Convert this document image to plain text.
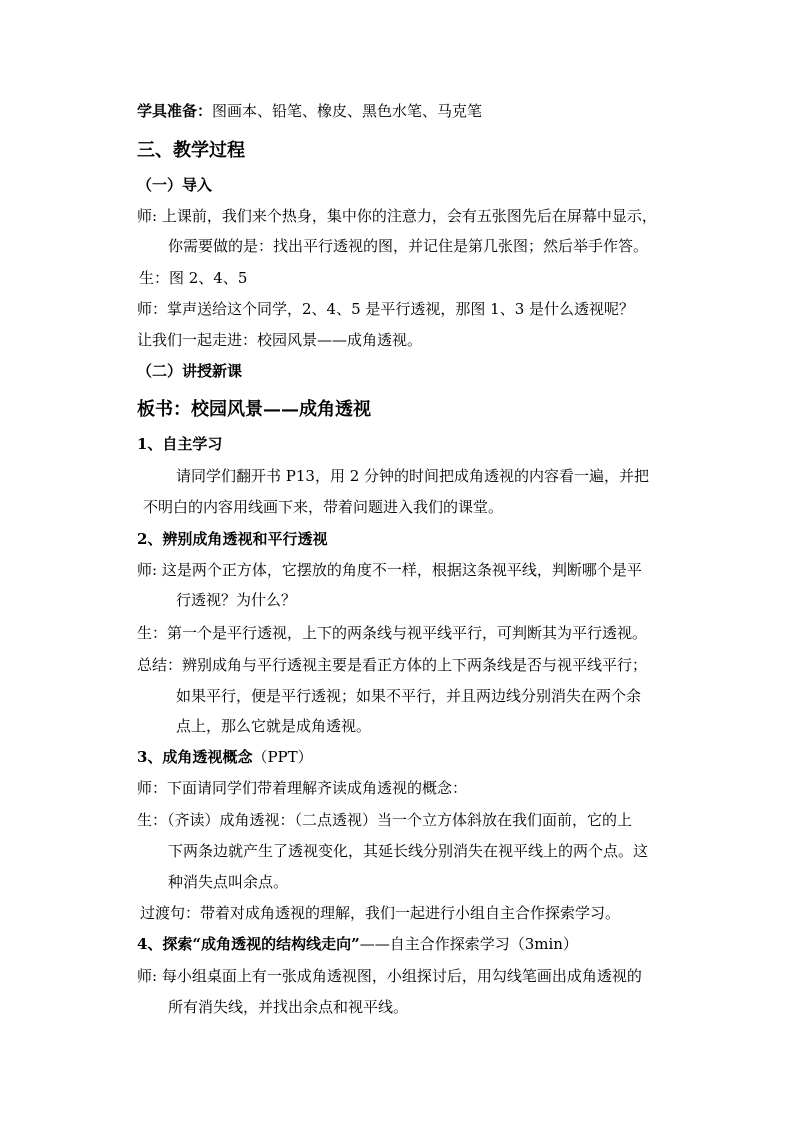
学具准备：图画本、铅笔、橡皮、黑色水笔、马克笔
三、教学过程
（一）导入
师: 上课前，我们来个热身，集中你的注意力，会有五张图先后在屏幕中显示，
你需要做的是：找出平行透视的图，并记住是第几张图；然后举手作答。
生：图 2、4、5
师：掌声送给这个同学，2、4、5 是平行透视，那图 1、3 是什么透视呢？
让我们一起走进：校园风景——成角透视。
（二）讲授新课
板书：校园风景——成角透视
1、自主学习
请同学们翻开书 P13，用 2 分钟的时间把成角透视的内容看一遍，并把
不明白的内容用线画下来，带着问题进入我们的课堂。
2、辨别成角透视和平行透视
师: 这是两个正方体，它摆放的角度不一样，根据这条视平线，判断哪个是平
行透视？为什么？
生：第一个是平行透视，上下的两条线与视平线平行，可判断其为平行透视。
总结：辨别成角与平行透视主要是看正方体的上下两条线是否与视平线平行；
如果平行，便是平行透视；如果不平行，并且两边线分别消失在两个余
点上，那么它就是成角透视。
3、成角透视概念（PPT）
师：下面请同学们带着理解齐读成角透视的概念：
生：（齐读）成角透视：（二点透视）当一个立方体斜放在我们面前，它的上
下两条边就产生了透视变化，其延长线分别消失在视平线上的两个点。这
种消失点叫余点。
过渡句：带着对成角透视的理解，我们一起进行小组自主合作探索学习。
4、探索“成角透视的结构线走向”——自主合作探索学习（3min）
师: 每小组桌面上有一张成角透视图，小组探讨后，用勾线笔画出成角透视的
所有消失线，并找出余点和视平线。
